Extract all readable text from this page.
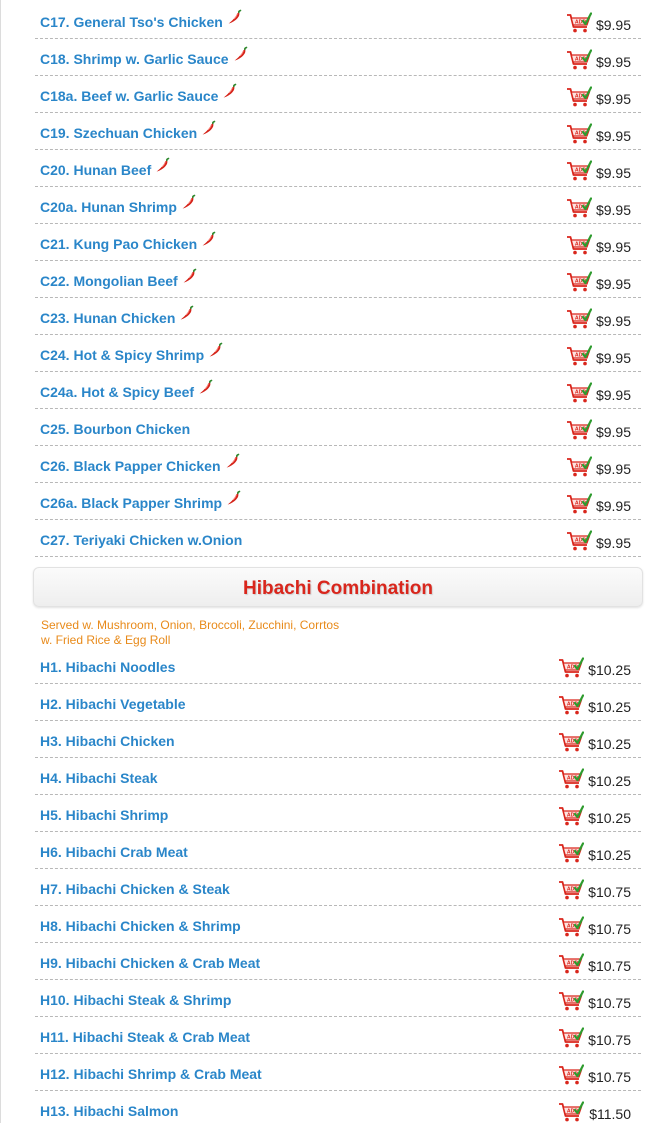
C17. General Tso's Chicken	ADD $9.95
C18. Shrimp w. Garlic Sauce	ADD $9.95
C18a. Beef w. Garlic Sauce	ADD $9.95
C19. Szechuan Chicken	ADD $9.95
C20. Hunan Beef	ADD $9.95
C20a. Hunan Shrimp	ADD $9.95
C21. Kung Pao Chicken	ADD $9.95
C22. Mongolian Beef	ADD $9.95
C23. Hunan Chicken	ADD $9.95
C24. Hot & Spicy Shrimp	ADD $9.95
C24a. Hot & Spicy Beef	ADD $9.95
C25. Bourbon Chicken	ADD $9.95
C26. Black Papper Chicken	ADD $9.95
C26a. Black Papper Shrimp	ADD $9.95
C27. Teriyaki Chicken w.Onion	ADD $9.95
Hibachi Combination
Served w. Mushroom, Onion, Broccoli, Zucchini, Corrtos
w. Fried Rice & Egg Roll
H1. Hibachi Noodles	ADD $10.25
H2. Hibachi Vegetable	ADD $10.25
H3. Hibachi Chicken	ADD $10.25
H4. Hibachi Steak	ADD $10.25
H5. Hibachi Shrimp	ADD $10.25
H6. Hibachi Crab Meat	ADD $10.25
H7. Hibachi Chicken & Steak	ADD $10.75
H8. Hibachi Chicken & Shrimp	ADD $10.75
H9. Hibachi Chicken & Crab Meat	ADD $10.75
H10. Hibachi Steak & Shrimp	ADD $10.75
H11. Hibachi Steak & Crab Meat	ADD $10.75
H12. Hibachi Shrimp & Crab Meat	ADD $10.75
H13. Hibachi Salmon	ADD $11.50
